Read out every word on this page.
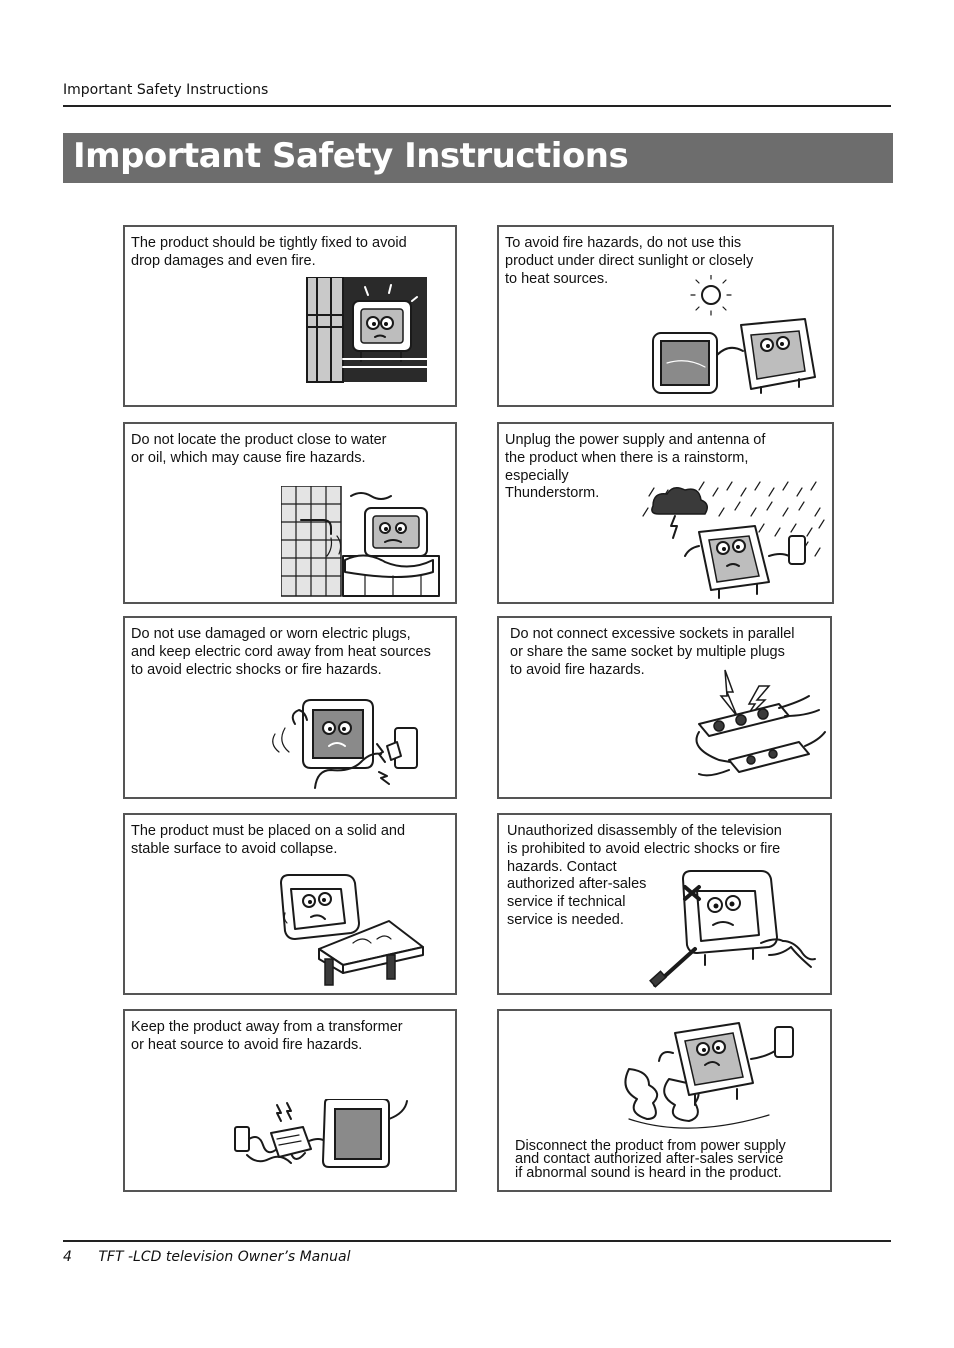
Important Safety Instructions
Important Safety Instructions
The product should be tightly fixed to avoid
drop damages and even fire.
To avoid fire hazards, do not use this
product under direct sunlight or closely
to heat sources.
Do not locate the product close to water
or oil, which may cause fire hazards.
Unplug the power supply and antenna of
the product when there is a rainstorm,
especially
Thunderstorm.
Do not use damaged or worn electric plugs,
and keep electric cord away from heat sources
to avoid electric shocks or fire hazards.
Do not connect excessive sockets in parallel
or share the same socket by multiple plugs
to avoid fire hazards.
The product must be placed on a solid and
stable surface to avoid collapse.
Unauthorized disassembly of the television
is prohibited to avoid electric shocks or fire
hazards. Contact
authorized after-sales
service if technical
service is needed.
Keep the product away from a transformer
or heat source to avoid fire hazards.
Disconnect the product from power supply
and contact authorized after-sales service
if abnormal sound is heard in the product.
4 TFT -LCD television Owner’s Manual
